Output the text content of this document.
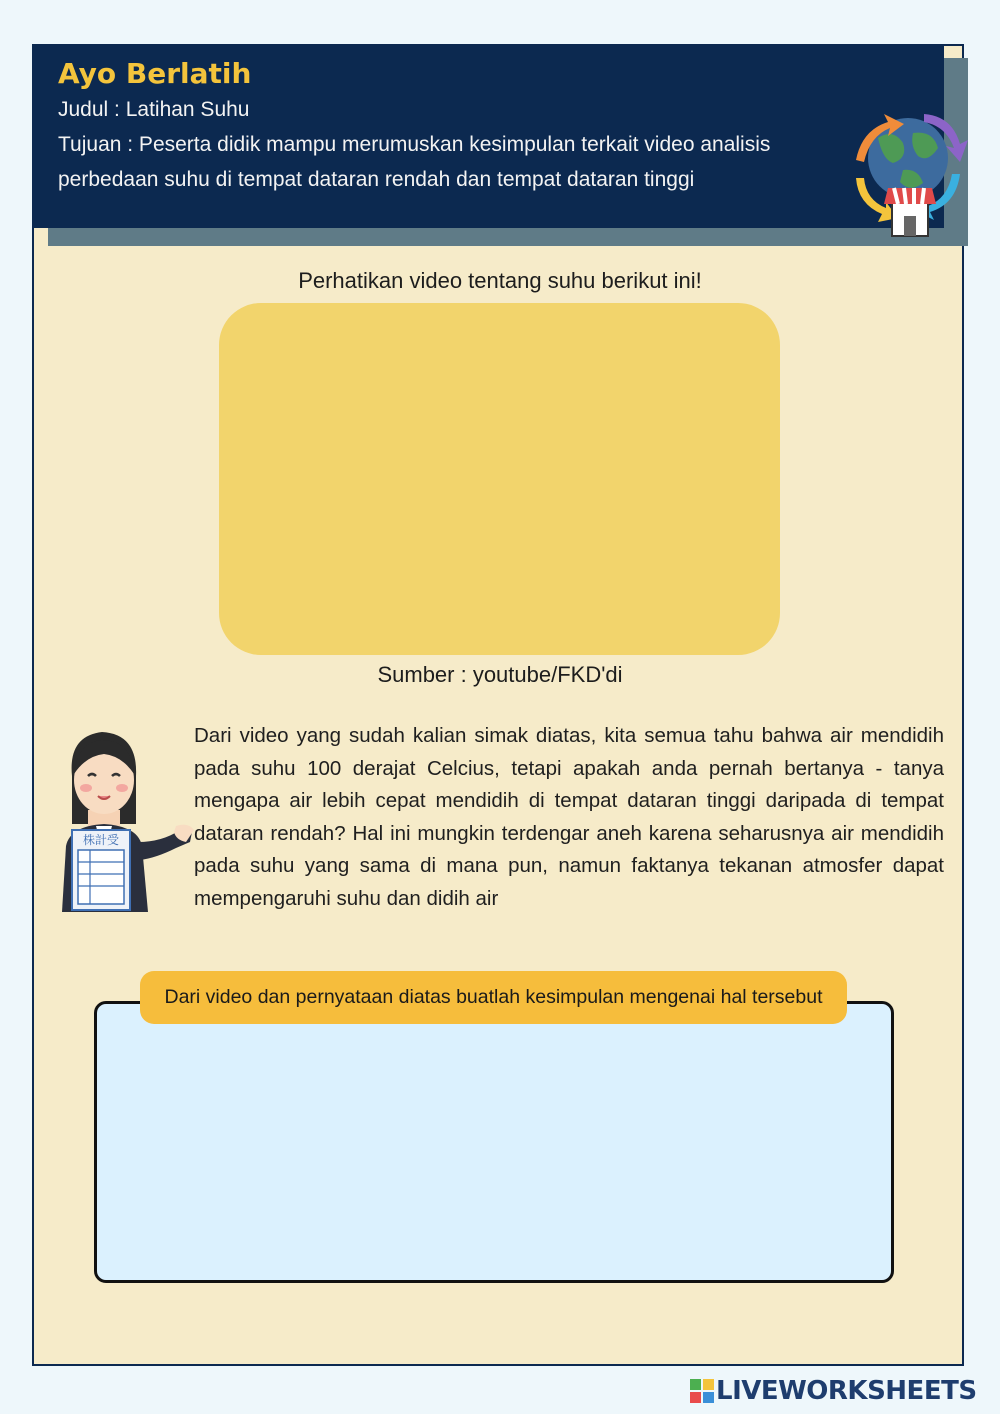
Ayo Berlatih

Judul : Latihan Suhu

Tujuan : Peserta didik mampu merumuskan kesimpulan terkait video analisis

perbedaan suhu di tempat dataran rendah dan tempat dataran tinggi

Perhatikan video tentang suhu berikut ini!
Sumber : youtube/FKD'di
株計受
Dari video yang sudah kalian simak diatas, kita semua tahu bahwa air mendidih pada suhu 100 derajat Celcius, tetapi apakah anda pernah bertanya - tanya mengapa air lebih cepat mendidih di tempat dataran tinggi daripada di tempat dataran rendah? Hal ini mungkin terdengar aneh karena seharusnya air mendidih pada suhu yang sama di mana pun, namun faktanya tekanan atmosfer dapat mempengaruhi suhu dan didih air
Dari video dan pernyataan diatas buatlah kesimpulan mengenai hal tersebut
LIVEWORKSHEETS
